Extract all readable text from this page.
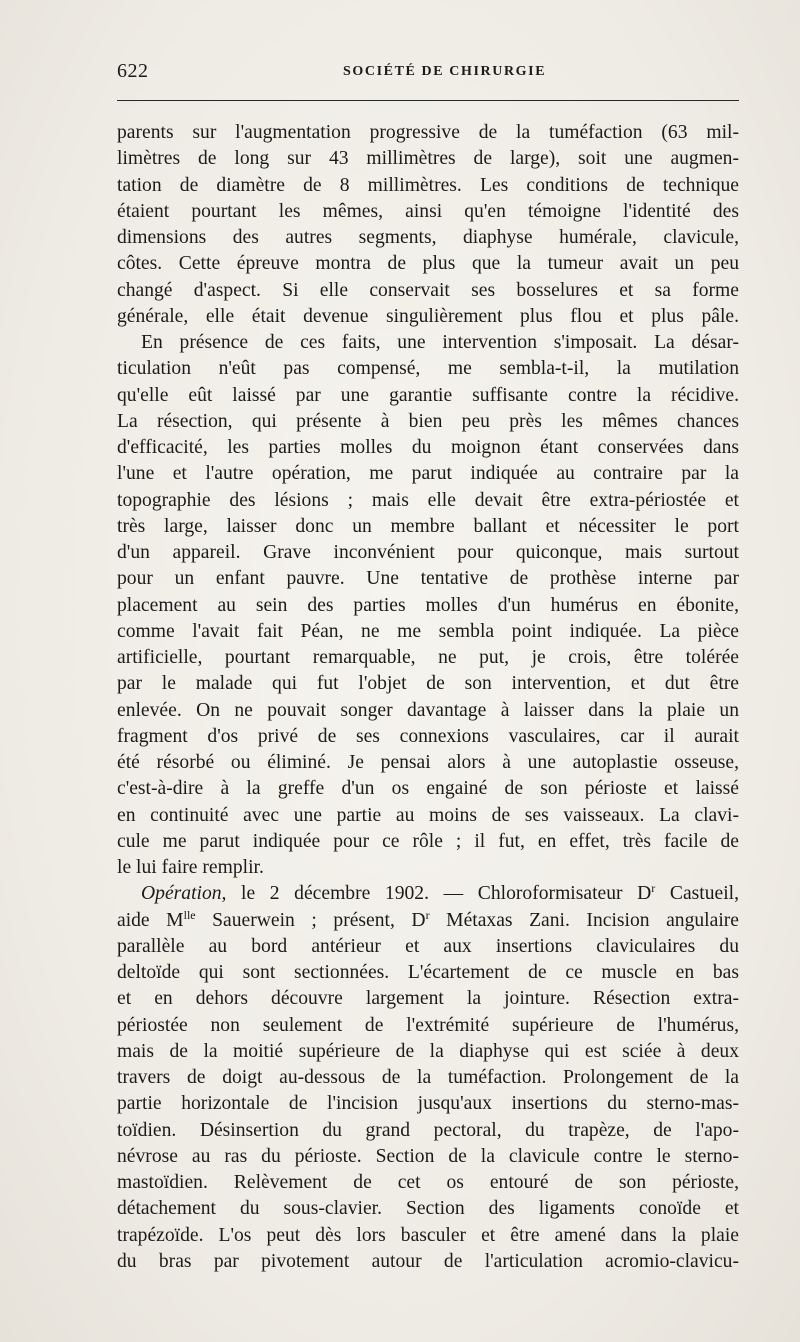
622	SOCIÉTÉ DE CHIRURGIE
parents sur l'augmentation progressive de la tuméfaction (63 mil-
limètres de long sur 43 millimètres de large), soit une augmen-
tation de diamètre de 8 millimètres. Les conditions de technique
étaient pourtant les mêmes, ainsi qu'en témoigne l'identité des
dimensions des autres segments, diaphyse humérale, clavicule,
côtes. Cette épreuve montra de plus que la tumeur avait un peu
changé d'aspect. Si elle conservait ses bosselures et sa forme
générale, elle était devenue singulièrement plus flou et plus pâle.
En présence de ces faits, une intervention s'imposait. La désar-
ticulation n'eût pas compensé, me sembla-t-il, la mutilation
qu'elle eût laissé par une garantie suffisante contre la récidive.
La résection, qui présente à bien peu près les mêmes chances
d'efficacité, les parties molles du moignon étant conservées dans
l'une et l'autre opération, me parut indiquée au contraire par la
topographie des lésions ; mais elle devait être extra-périostée et
très large, laisser donc un membre ballant et nécessiter le port
d'un appareil. Grave inconvénient pour quiconque, mais surtout
pour un enfant pauvre. Une tentative de prothèse interne par
placement au sein des parties molles d'un humérus en ébonite,
comme l'avait fait Péan, ne me sembla point indiquée. La pièce
artificielle, pourtant remarquable, ne put, je crois, être tolérée
par le malade qui fut l'objet de son intervention, et dut être
enlevée. On ne pouvait songer davantage à laisser dans la plaie un
fragment d'os privé de ses connexions vasculaires, car il aurait
été résorbé ou éliminé. Je pensai alors à une autoplastie osseuse,
c'est-à-dire à la greffe d'un os engainé de son périoste et laissé
en continuité avec une partie au moins de ses vaisseaux. La clavi-
cule me parut indiquée pour ce rôle ; il fut, en effet, très facile de
le lui faire remplir.
Opération, le 2 décembre 1902. — Chloroformisateur $D^r$ Castueil,
aide $M^{lle}$ Sauerwein ; présent, $D^r$ Métaxas Zani. Incision angulaire
parallèle au bord antérieur et aux insertions claviculaires du
deltoïde qui sont sectionnées. L'écartement de ce muscle en bas
et en dehors découvre largement la jointure. Résection extra-
périostée non seulement de l'extrémité supérieure de l'humérus,
mais de la moitié supérieure de la diaphyse qui est sciée à deux
travers de doigt au-dessous de la tuméfaction. Prolongement de la
partie horizontale de l'incision jusqu'aux insertions du sterno-mas-
toïdien. Désinsertion du grand pectoral, du trapèze, de l'apo-
névrose au ras du périoste. Section de la clavicule contre le sterno-
mastoïdien. Relèvement de cet os entouré de son périoste,
détachement du sous-clavier. Section des ligaments conoïde et
trapézoïde. L'os peut dès lors basculer et être amené dans la plaie
du bras par pivotement autour de l'articulation acromio-clavicu-
